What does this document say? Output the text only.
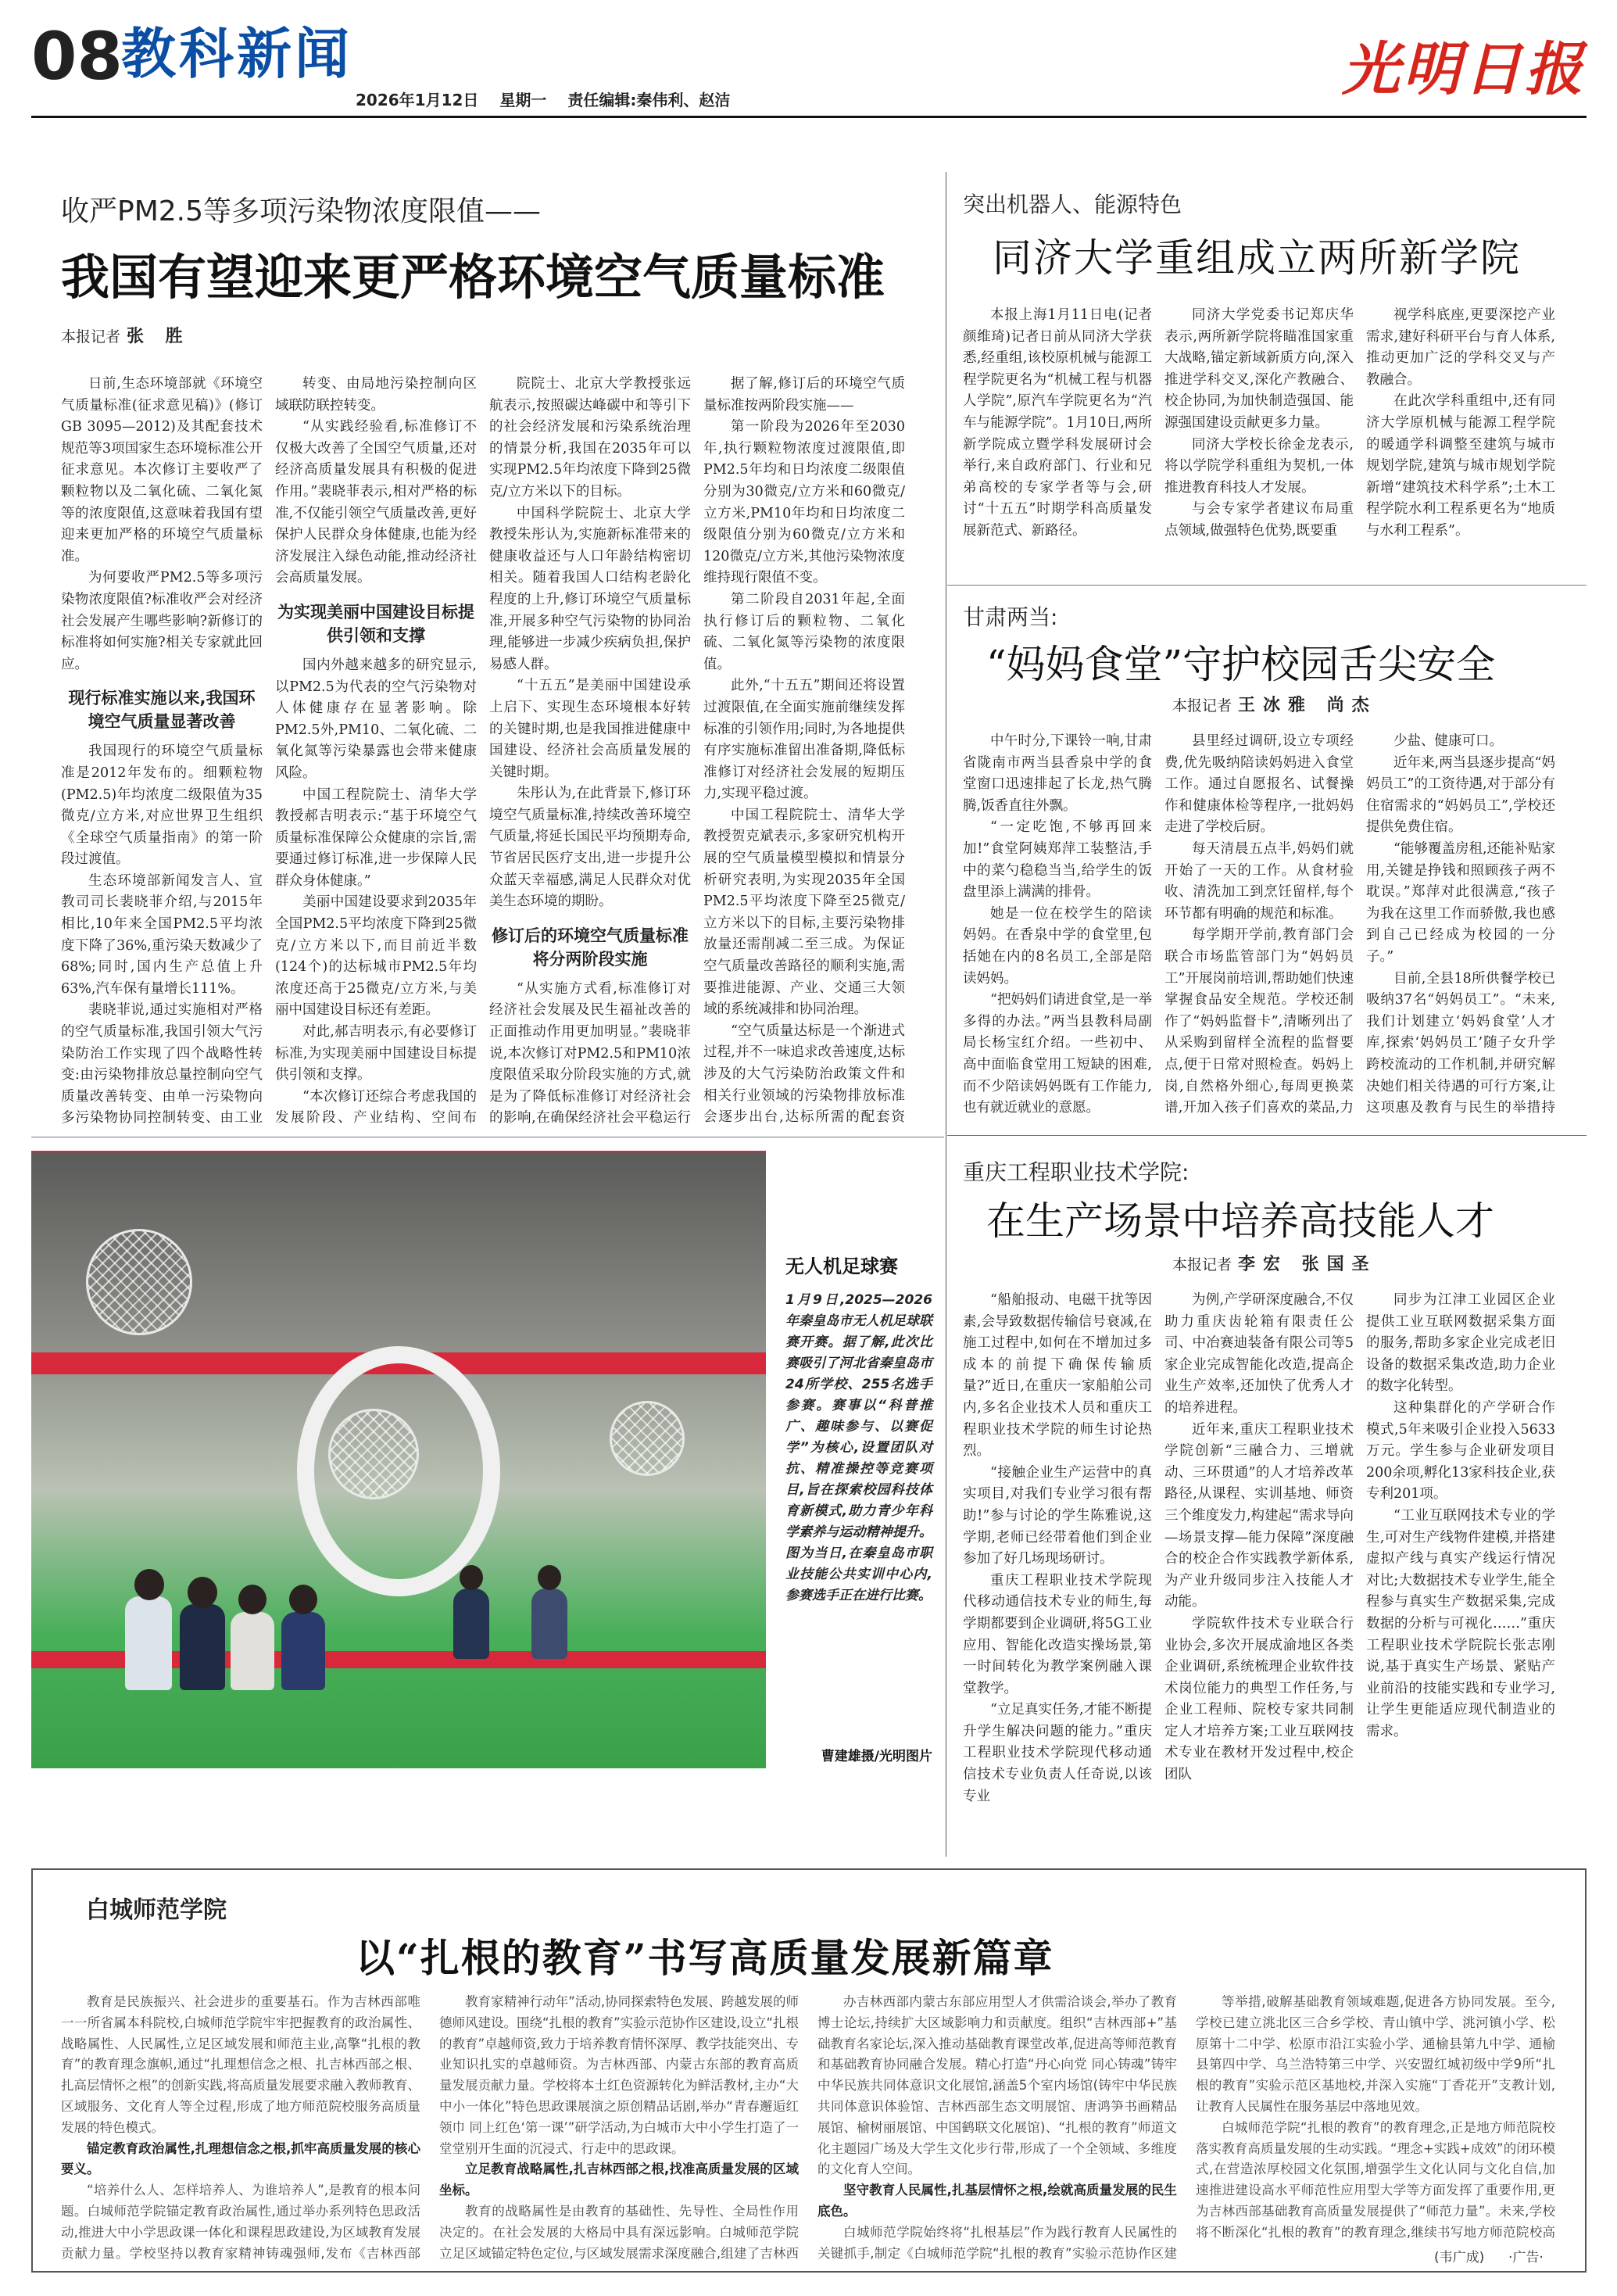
08
教科新闻
2026年1月12日 星期一 责任编辑:秦伟利、赵洁	光明日报
收严PM2.5等多项污染物浓度限值——
我国有望迎来更严格环境空气质量标准
本报记者 张 胜

日前,生态环境部就《环境空气质量标准(征求意见稿)》(修订GB 3095—2012)及其配套技术规范等3项国家生态环境标准公开征求意见。本次修订主要收严了颗粒物以及二氧化硫、二氧化氮等的浓度限值,这意味着我国有望迎来更加严格的环境空气质量标准。

为何要收严PM2.5等多项污染物浓度限值?标准收严会对经济社会发展产生哪些影响?新修订的标准将如何实施?相关专家就此回应。

现行标准实施以来,我国环境空气质量显著改善

我国现行的环境空气质量标准是2012年发布的。细颗粒物(PM2.5)年均浓度二级限值为35微克/立方米,对应世界卫生组织《全球空气质量指南》的第一阶段过渡值。

生态环境部新闻发言人、宣教司司长裴晓菲介绍,与2015年相比,10年来全国PM2.5平均浓度下降了36%,重污染天数减少了68%;同时,国内生产总值上升63%,汽车保有量增长111%。

裴晓菲说,通过实施相对严格的空气质量标准,我国引领大气污染防治工作实现了四个战略性转变:由污染物排放总量控制向空气质量改善转变、由单一污染物向多污染物协同控制转变、由工业

转变、由局地污染控制向区域联防联控转变。

“从实践经验看,标准修订不仅极大改善了全国空气质量,还对经济高质量发展具有积极的促进作用。”裴晓菲表示,相对严格的标准,不仅能引领空气质量改善,更好保护人民群众身体健康,也能为经济发展注入绿色动能,推动经济社会高质量发展。

为实现美丽中国建设目标提供引领和支撑

国内外越来越多的研究显示,以PM2.5为代表的空气污染物对人体健康存在显著影响。除PM2.5外,PM10、二氧化硫、二氧化氮等污染暴露也会带来健康风险。

中国工程院院士、清华大学教授郝吉明表示:“基于环境空气质量标准保障公众健康的宗旨,需要通过修订标准,进一步保障人民群众身体健康。”

美丽中国建设要求到2035年全国PM2.5平均浓度下降到25微克/立方米以下,而目前近半数(124个)的达标城市PM2.5年均浓度还高于25微克/立方米,与美丽中国建设目标还有差距。

对此,郝吉明表示,有必要修订标准,为实现美丽中国建设目标提供引领和支撑。

“本次修订还综合考虑我国的发展阶段、产业结构、空间布

院院士、北京大学教授张远航表示,按照碳达峰碳中和等引下的社会经济发展和污染系统治理的情景分析,我国在2035年可以实现PM2.5年均浓度下降到25微克/立方米以下的目标。

中国科学院院士、北京大学教授朱彤认为,实施新标准带来的健康收益还与人口年龄结构密切相关。随着我国人口结构老龄化程度的上升,修订环境空气质量标准,开展多种空气污染物的协同治理,能够进一步减少疾病负担,保护易感人群。

“十五五”是美丽中国建设承上启下、实现生态环境根本好转的关键时期,也是我国推进健康中国建设、经济社会高质量发展的关键时期。

朱彤认为,在此背景下,修订环境空气质量标准,持续改善环境空气质量,将延长国民平均预期寿命,节省居民医疗支出,进一步提升公众蓝天幸福感,满足人民群众对优美生态环境的期盼。

修订后的环境空气质量标准将分两阶段实施

“从实施方式看,标准修订对经济社会发展及民生福祉改善的正面推动作用更加明显。”裴晓菲说,本次修订对PM2.5和PM10浓度限值采取分阶段实施的方式,就是为了降低标准修订对经济社会的影响,在确保经济社会平稳运行

据了解,修订后的环境空气质量标准按两阶段实施——

第一阶段为2026年至2030年,执行颗粒物浓度过渡限值,即PM2.5年均和日均浓度二级限值分别为30微克/立方米和60微克/立方米,PM10年均和日均浓度二级限值分别为60微克/立方米和120微克/立方米,其他污染物浓度维持现行限值不变。

第二阶段自2031年起,全面执行修订后的颗粒物、二氧化硫、二氧化氮等污染物的浓度限值。

此外,“十五五”期间还将设置过渡限值,在全面实施前继续发挥标准的引领作用;同时,为各地提供有序实施标准留出准备期,降低标准修订对经济社会发展的短期压力,实现平稳过渡。

中国工程院院士、清华大学教授贺克斌表示,多家研究机构开展的空气质量模型模拟和情景分析研究表明,为实现2035年全国PM2.5平均浓度下降至25微克/立方米以下的目标,主要污染物排放量还需削减二至三成。为保证空气质量改善路径的顺利实施,需要推进能源、产业、交通三大领域的系统减排和协同治理。

“空气质量达标是一个渐进式过程,并不一味追求改善速度,达标涉及的大气污染防治政策文件和相关行业领域的污染物排放标准会逐步出台,达标所需的配套资

突出机器人、能源特色
同济大学重组成立两所新学院

本报上海1月11日电(记者颜维琦)记者日前从同济大学获悉,经重组,该校原机械与能源工程学院更名为“机械工程与机器人学院”,原汽车学院更名为“汽车与能源学院”。1月10日,两所新学院成立暨学科发展研讨会举行,来自政府部门、行业和兄弟高校的专家学者等与会,研讨“十五五”时期学科高质量发展新范式、新路径。

同济大学党委书记郑庆华表示,两所新学院将瞄准国家重大战略,锚定新域新质方向,深入推进学科交叉,深化产教融合、校企协同,为加快制造强国、能源强国建设贡献更多力量。

同济大学校长徐金龙表示,将以学院学科重组为契机,一体推进教育科技人才发展。

与会专家学者建议布局重点领域,做强特色优势,既要重

视学科底座,更要深挖产业需求,建好科研平台与育人体系,推动更加广泛的学科交叉与产教融合。

在此次学科重组中,还有同济大学原机械与能源工程学院的暖通学科调整至建筑与城市规划学院,建筑与城市规划学院新增“建筑技术科学系”;土木工程学院水利工程系更名为“地质与水利工程系”。

甘肃两当:
“妈妈食堂”守护校园舌尖安全
本报记者 王冰雅 尚杰

中午时分,下课铃一响,甘肃省陇南市两当县香泉中学的食堂窗口迅速排起了长龙,热气腾腾,饭香直往外飘。

“一定吃饱,不够再回来加!”食堂阿姨郑萍工装整洁,手中的菜勺稳稳当当,给学生的饭盘里添上满满的排骨。

她是一位在校学生的陪读妈妈。在香泉中学的食堂里,包括她在内的8名员工,全部是陪读妈妈。

“把妈妈们请进食堂,是一举多得的办法。”两当县教科局副局长杨宝红介绍。一些初中、高中面临食堂用工短缺的困难,而不少陪读妈妈既有工作能力,也有就近就业的意愿。

县里经过调研,设立专项经费,优先吸纳陪读妈妈进入食堂工作。通过自愿报名、试餐操作和健康体检等程序,一批妈妈走进了学校后厨。

每天清晨五点半,妈妈们就开始了一天的工作。从食材验收、清洗加工到烹饪留样,每个环节都有明确的规范和标准。

每学期开学前,教育部门会联合市场监管部门为“妈妈员工”开展岗前培训,帮助她们快速掌握食品安全规范。学校还制作了“妈妈监督卡”,清晰列出了从采购到留样全流程的监督要点,便于日常对照检查。妈妈上岗,自然格外细心,每周更换菜谱,开加入孩子们喜欢的菜品,力

少盐、健康可口。

近年来,两当县逐步提高“妈妈员工”的工资待遇,对于部分有住宿需求的“妈妈员工”,学校还提供免费住宿。

“能够覆盖房租,还能补贴家用,关键是挣钱和照顾孩子两不耽误。”郑萍对此很满意,“孩子为我在这里工作而骄傲,我也感到自己已经成为校园的一分子。”

目前,全县18所供餐学校已吸纳37名“妈妈员工”。“未来,我们计划建立‘妈妈食堂’人才库,探索‘妈妈员工’随子女升学跨校流动的工作机制,并研究解决她们相关待遇的可行方案,让这项惠及教育与民生的举措持

无人机足球赛
1月9日,2025—2026年秦皇岛市无人机足球联赛开赛。据了解,此次比赛吸引了河北省秦皇岛市24所学校、255名选手参赛。赛事以“科普推广、趣味参与、以赛促学”为核心,设置团队对抗、精准操控等竞赛项目,旨在探索校园科技体育新模式,助力青少年科学素养与运动精神提升。图为当日,在秦皇岛市职业技能公共实训中心内,参赛选手正在进行比赛。
曹建雄摄/光明图片
重庆工程职业技术学院:
在生产场景中培养高技能人才
本报记者 李宏 张国圣

“船舶报动、电磁干扰等因素,会导致数据传输信号衰减,在施工过程中,如何在不增加过多成本的前提下确保传输质量?”近日,在重庆一家船舶公司内,多名企业技术人员和重庆工程职业技术学院的师生讨论热烈。

“接触企业生产运营中的真实项目,对我们专业学习很有帮助!”参与讨论的学生陈雅说,这学期,老师已经带着他们到企业参加了好几场现场研讨。

重庆工程职业技术学院现代移动通信技术专业的师生,每学期都要到企业调研,将5G工业应用、智能化改造实操场景,第一时间转化为教学案例融入课堂教学。

“立足真实任务,才能不断提升学生解决问题的能力。”重庆工程职业技术学院现代移动通信技术专业负责人任奇说,以该专业

为例,产学研深度融合,不仅助力重庆齿轮箱有限责任公司、中冶赛迪装备有限公司等5家企业完成智能化改造,提高企业生产效率,还加快了优秀人才的培养进程。

近年来,重庆工程职业技术学院创新“三融合力、三增就动、三环贯通”的人才培养改革路径,从课程、实训基地、师资三个维度发力,构建起“需求导向—场景支撑—能力保障”深度融合的校企合作实践教学新体系,为产业升级同步注入技能人才动能。

学院软件技术专业联合行业协会,多次开展成渝地区各类企业调研,系统梳理企业软件技术岗位能力的典型工作任务,与企业工程师、院校专家共同制定人才培养方案;工业互联网技术专业在教材开发过程中,校企团队

同步为江津工业园区企业提供工业互联网数据采集方面的服务,帮助多家企业完成老旧设备的数据采集改造,助力企业的数字化转型。

这种集群化的产学研合作模式,5年来吸引企业投入5633万元。学生参与企业研发项目200余项,孵化13家科技企业,获专利201项。

“工业互联网技术专业的学生,可对生产线物件建模,并搭建虚拟产线与真实产线运行情况对比;大数据技术专业学生,能全程参与真实生产数据采集,完成数据的分析与可视化……”重庆工程职业技术学院院长张志刚说,基于真实生产场景、紧贴产业前沿的技能实践和专业学习,让学生更能适应现代制造业的需求。

白城师范学院
以“扎根的教育”书写高质量发展新篇章

教育是民族振兴、社会进步的重要基石。作为吉林西部唯一一所省属本科院校,白城师范学院牢牢把握教育的政治属性、战略属性、人民属性,立足区域发展和师范主业,高擎“扎根的教育”的教育理念旗帜,通过“扎理想信念之根、扎吉林西部之根、扎高层情怀之根”的创新实践,将高质量发展要求融入教师教育、区域服务、文化育人等全过程,形成了地方师范院校服务高质量发展的特色模式。

锚定教育政治属性,扎理想信念之根,抓牢高质量发展的核心要义。

“培养什么人、怎样培养人、为谁培养人”,是教育的根本问题。白城师范学院锚定教育政治属性,通过举办系列特色思政活动,推进大中小学思政课一体化和课程思政建设,为区域教育发展贡献力量。学校坚持以教育家精神铸魂强师,发布《吉林西部

教育家精神行动年”活动,协同探索特色发展、跨越发展的师德师风建设。围绕“扎根的教育”实验示范协作区建设,设立“扎根的教育”卓越师资,致力于培养教育情怀深厚、教学技能突出、专业知识扎实的卓越师资。为吉林西部、内蒙古东部的教育高质量发展贡献力量。学校将本土红色资源转化为鲜活教材,主办“大中小一体化”特色思政课展演之原创精品话剧,举办“青春邂逅红领巾 同上红色‘第一课’”研学活动,为白城市大中小学生打造了一堂堂别开生面的沉浸式、行走中的思政课。

立足教育战略属性,扎吉林西部之根,找准高质量发展的区域坐标。

教育的战略属性是由教育的基础性、先导性、全局性作用决定的。在社会发展的大格局中具有深远影响。白城师范学院立足区域锚定特色定位,与区域发展需求深度融合,组建了吉林西

办吉林西部内蒙古东部应用型人才供需洽谈会,举办了教育博士论坛,持续扩大区域影响力和贡献度。组织“吉林西部+”基础教育名家论坛,深入推动基础教育课堂改革,促进高等师范教育和基础教育协同融合发展。精心打造“丹心向党 同心铸魂”铸牢中华民族共同体意识文化展馆,涵盖5个室内场馆(铸牢中华民族共同体意识体验馆、吉林西部生态文明展馆、唐鸿笋书画精品展馆、榆树丽展馆、中国鹤联文化展馆)、“扎根的教育”师道文化主题园广场及大学生文化步行带,形成了一个全领域、多维度的文化育人空间。

坚守教育人民属性,扎基层情怀之根,绘就高质量发展的民生底色。

白城师范学院始终将“扎根基层”作为践行教育人民属性的关键抓手,制定《白城师范学院“扎根的教育”实验示范协作区建

等举措,破解基础教育领域难题,促进各方协同发展。至今,学校已建立洮北区三合乡学校、青山镇中学、洮河镇小学、松原第十二中学、松原市沿江实验小学、通榆县第九中学、通榆县第四中学、乌兰浩特第三中学、兴安盟红城初级中学9所“扎根的教育”实验示范区基地校,并深入实施“丁香花开”支教计划,让教育人民属性在服务基层中落地见效。

白城师范学院“扎根的教育”的教育理念,正是地方师范院校落实教育高质量发展的生动实践。“理念+实践+成效”的闭环模式,在营造浓厚校园文化氛围,增强学生文化认同与文化自信,加速推进建设高水平师范性应用型大学等方面发挥了重要作用,更为吉林西部基础教育高质量发展提供了“师范力量”。未来,学校将不断深化“扎根的教育”的教育理念,继续书写地方师范院校高

(韦广成) ·广告·
